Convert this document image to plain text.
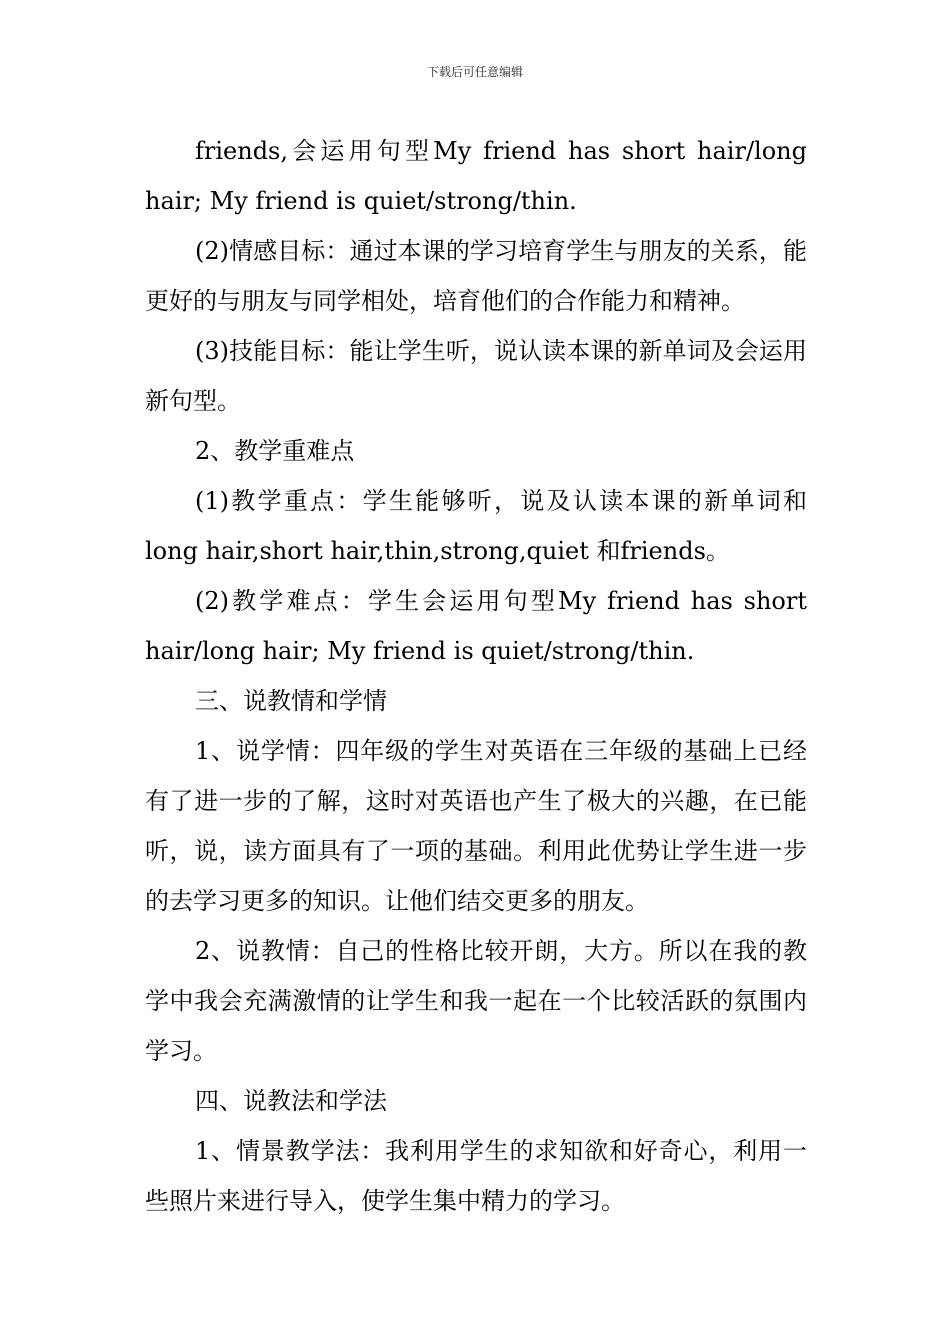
下载后可任意编辑

friends,会运用句型My friend has short hair/long hair; My friend is quiet/strong/thin.

(2)情感目标：通过本课的学习培育学生与朋友的关系，能更好的与朋友与同学相处，培育他们的合作能力和精神。

(3)技能目标：能让学生听，说认读本课的新单词及会运用新句型。

2、教学重难点

(1)教学重点：学生能够听，说及认读本课的新单词和long hair,short hair,thin,strong,quiet 和friends。

(2)教学难点：学生会运用句型My friend has short hair/long hair; My friend is quiet/strong/thin.

三、说教情和学情

1、说学情：四年级的学生对英语在三年级的基础上已经有了进一步的了解，这时对英语也产生了极大的兴趣，在已能听，说，读方面具有了一项的基础。利用此优势让学生进一步的去学习更多的知识。让他们结交更多的朋友。

2、说教情：自己的性格比较开朗，大方。所以在我的教学中我会充满激情的让学生和我一起在一个比较活跃的氛围内学习。

四、说教法和学法

1、情景教学法：我利用学生的求知欲和好奇心，利用一些照片来进行导入，使学生集中精力的学习。
